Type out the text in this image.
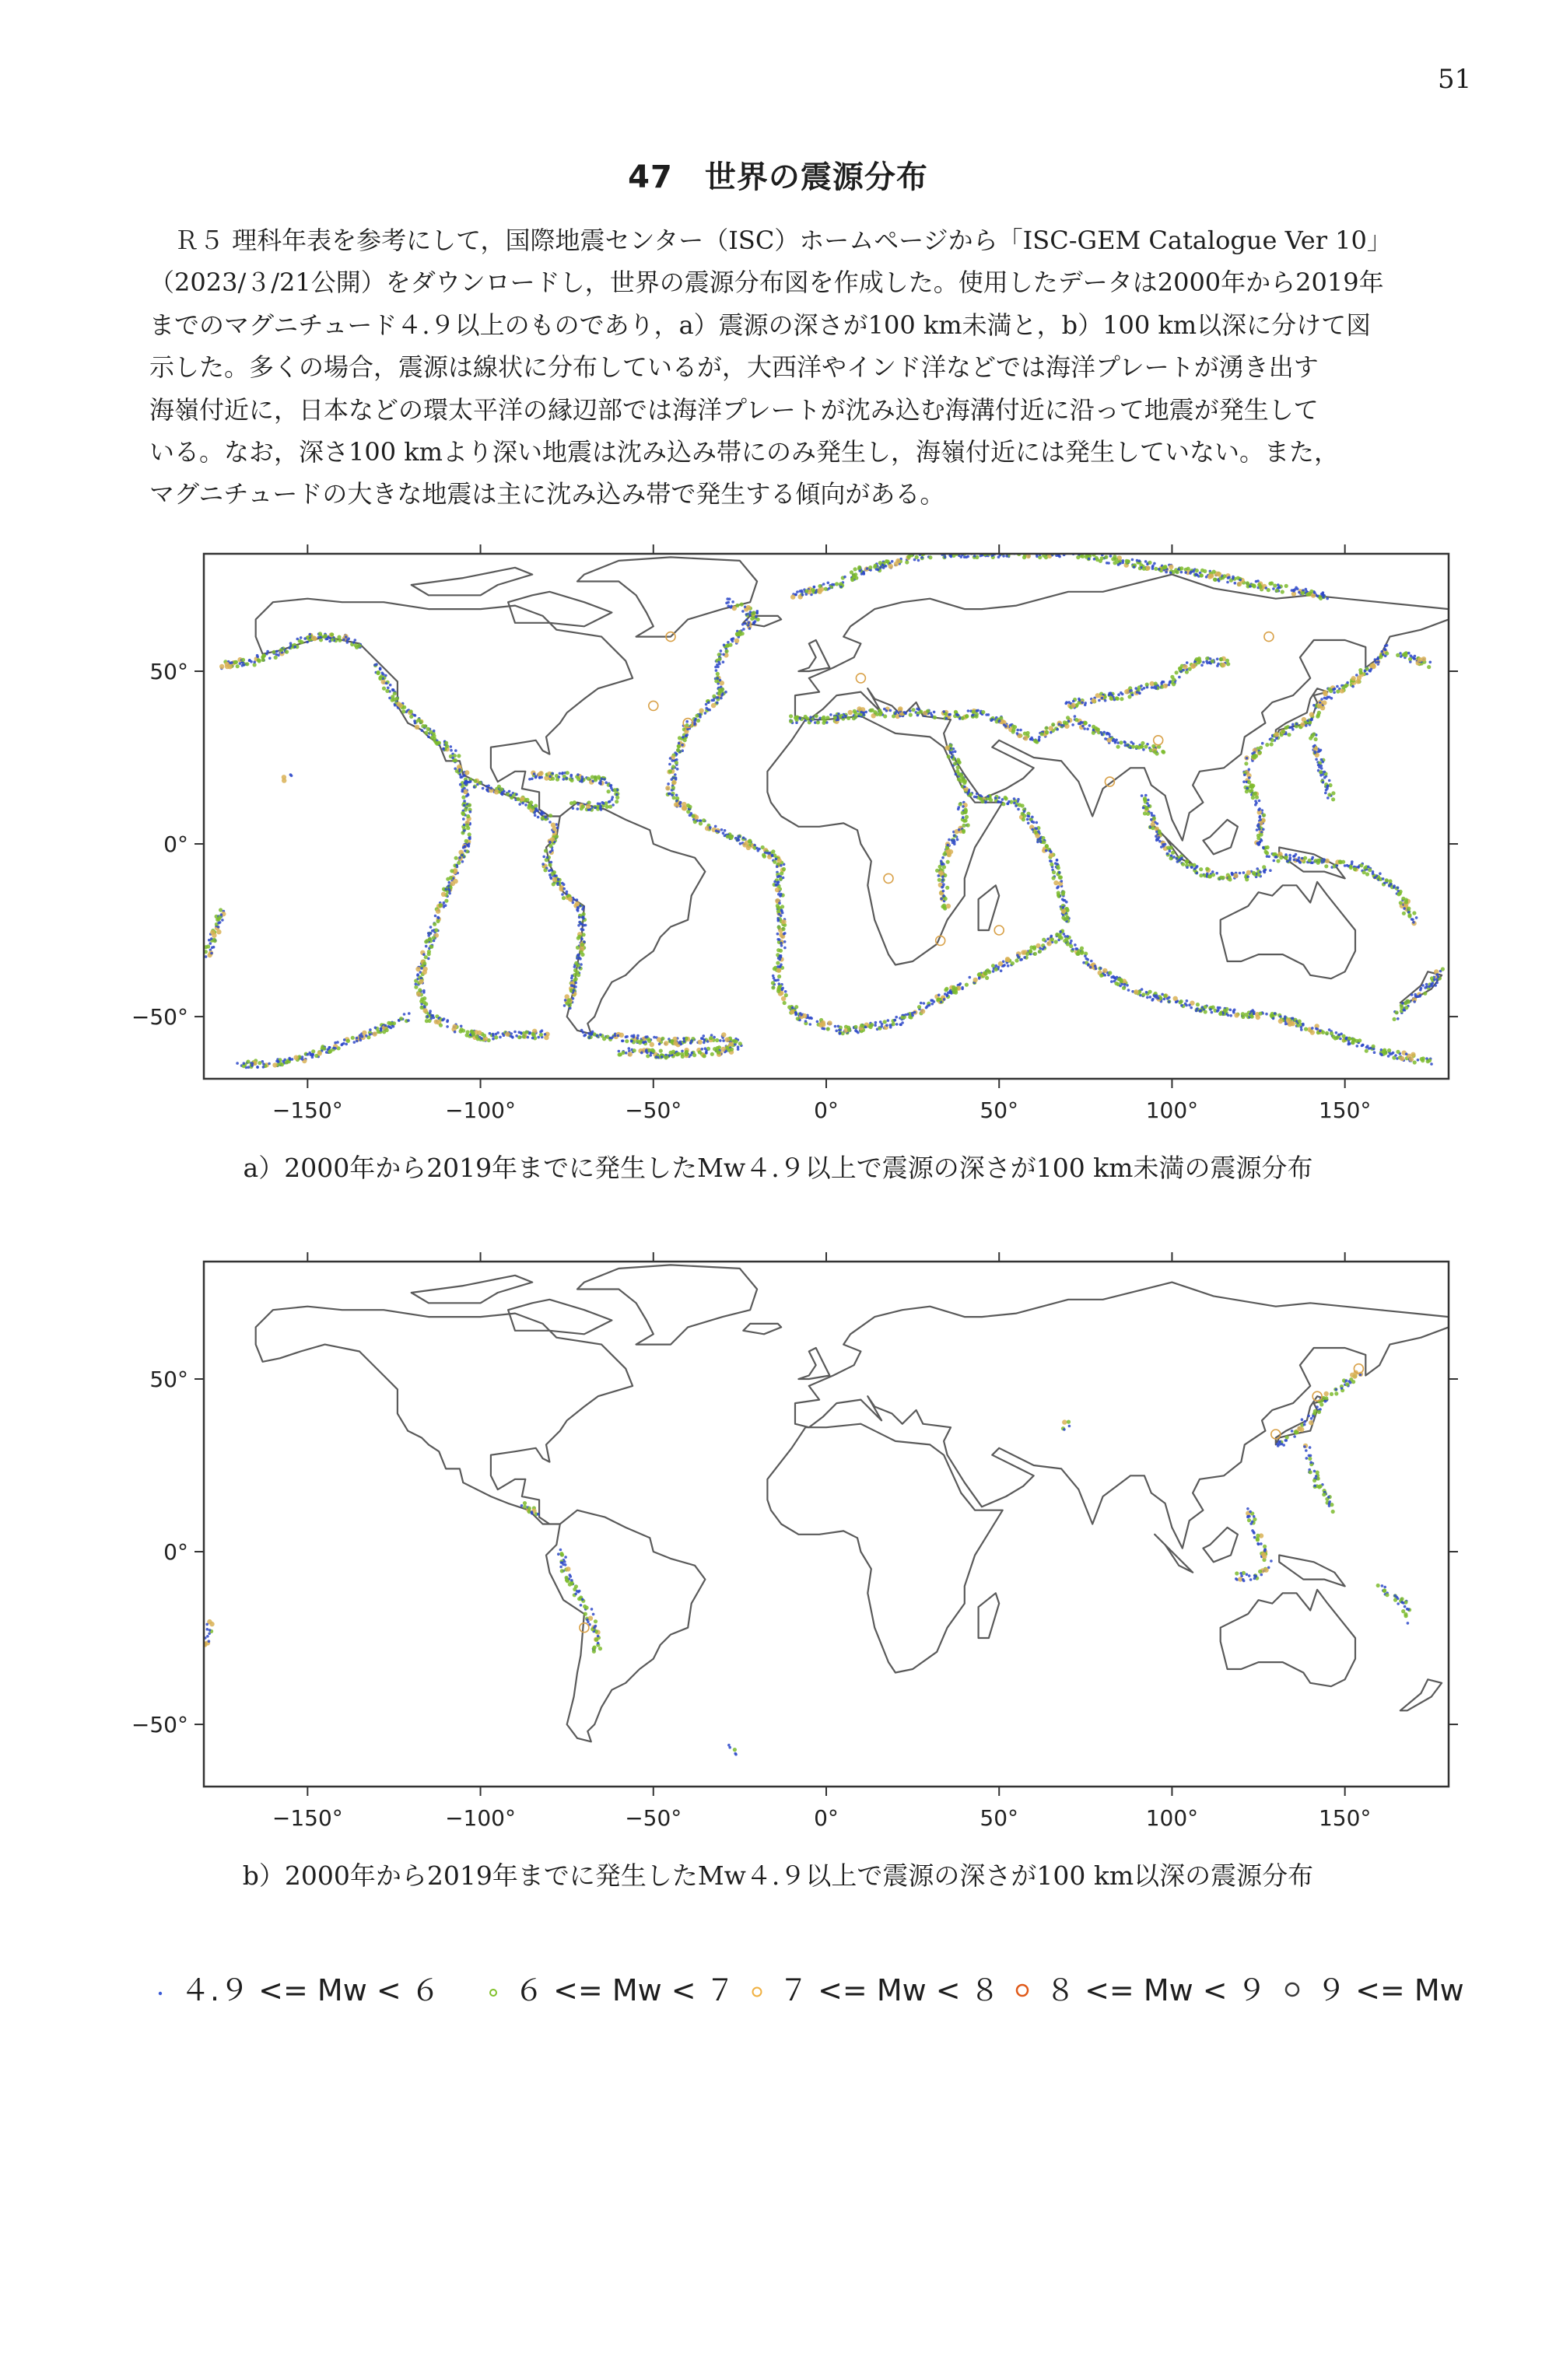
51
47　世界の震源分布
　Ｒ５ 理科年表を参考にして，国際地震センター（ISC）ホームページから「ISC-GEM Catalogue Ver 10」
（2023/３/21公開）をダウンロードし，世界の震源分布図を作成した。使用したデータは2000年から2019年
までのマグニチュード４.９以上のものであり，a）震源の深さが100 km未満と，b）100 km以深に分けて図
示した。多くの場合，震源は線状に分布しているが，大西洋やインド洋などでは海洋プレートが湧き出す
海嶺付近に，日本などの環太平洋の縁辺部では海洋プレートが沈み込む海溝付近に沿って地震が発生して
いる。なお，深さ100 kmより深い地震は沈み込み帯にのみ発生し，海嶺付近には発生していない。また，
マグニチュードの大きな地震は主に沈み込み帯で発生する傾向がある。
−150°	−100°	−50°	0°	50°	100°	150°
50°
0°
−50°
a）2000年から2019年までに発生したMw４.９以上で震源の深さが100 km未満の震源分布
−150°	−100°	−50°	0°	50°	100°	150°
50°
0°
−50°
b）2000年から2019年までに発生したMw４.９以上で震源の深さが100 km以深の震源分布
４.９ <= Mw < ６	６ <= Mw < ７	７ <= Mw < ８	８ <= Mw < ９	９ <= Mw
